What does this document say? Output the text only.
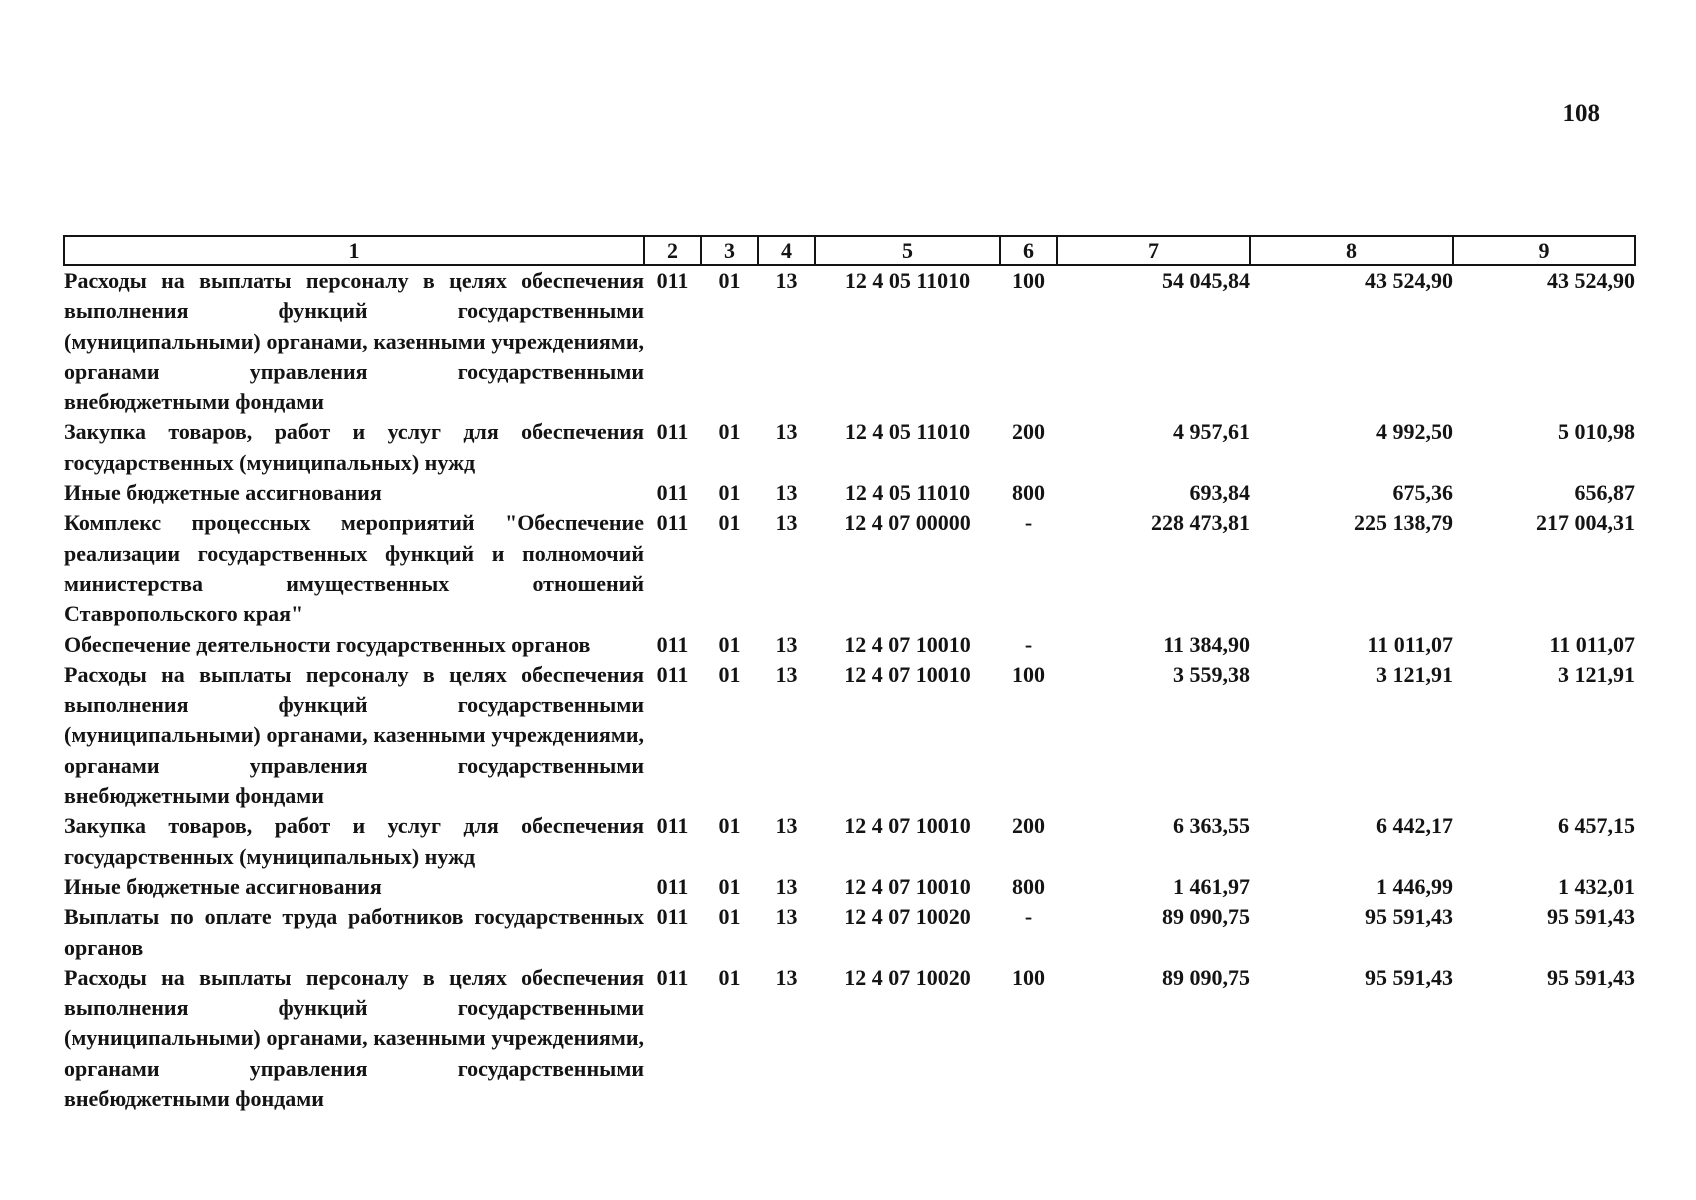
108
1	2	3	4	5	6	7	8	9
Расходы на выплаты персоналу в целях обеспечения выполнения функций государственными (муниципальными) органами, казенными учреждениями, органами управления государственными внебюджетными фондами	011	01	13	12 4 05 11010	100	54 045,84	43 524,90	43 524,90
Закупка товаров, работ и услуг для обеспечения государственных (муниципальных) нужд	011	01	13	12 4 05 11010	200	4 957,61	4 992,50	5 010,98
Иные бюджетные ассигнования	011	01	13	12 4 05 11010	800	693,84	675,36	656,87
Комплекс процессных мероприятий "Обеспечение реализации государственных функций и полномочий министерства имущественных отношений Ставропольского края"	011	01	13	12 4 07 00000	-	228 473,81	225 138,79	217 004,31
Обеспечение деятельности государственных органов	011	01	13	12 4 07 10010	-	11 384,90	11 011,07	11 011,07
Расходы на выплаты персоналу в целях обеспечения выполнения функций государственными (муниципальными) органами, казенными учреждениями, органами управления государственными внебюджетными фондами	011	01	13	12 4 07 10010	100	3 559,38	3 121,91	3 121,91
Закупка товаров, работ и услуг для обеспечения государственных (муниципальных) нужд	011	01	13	12 4 07 10010	200	6 363,55	6 442,17	6 457,15
Иные бюджетные ассигнования	011	01	13	12 4 07 10010	800	1 461,97	1 446,99	1 432,01
Выплаты по оплате труда работников государственных органов	011	01	13	12 4 07 10020	-	89 090,75	95 591,43	95 591,43
Расходы на выплаты персоналу в целях обеспечения выполнения функций государственными (муниципальными) органами, казенными учреждениями, органами управления государственными внебюджетными фондами	011	01	13	12 4 07 10020	100	89 090,75	95 591,43	95 591,43
